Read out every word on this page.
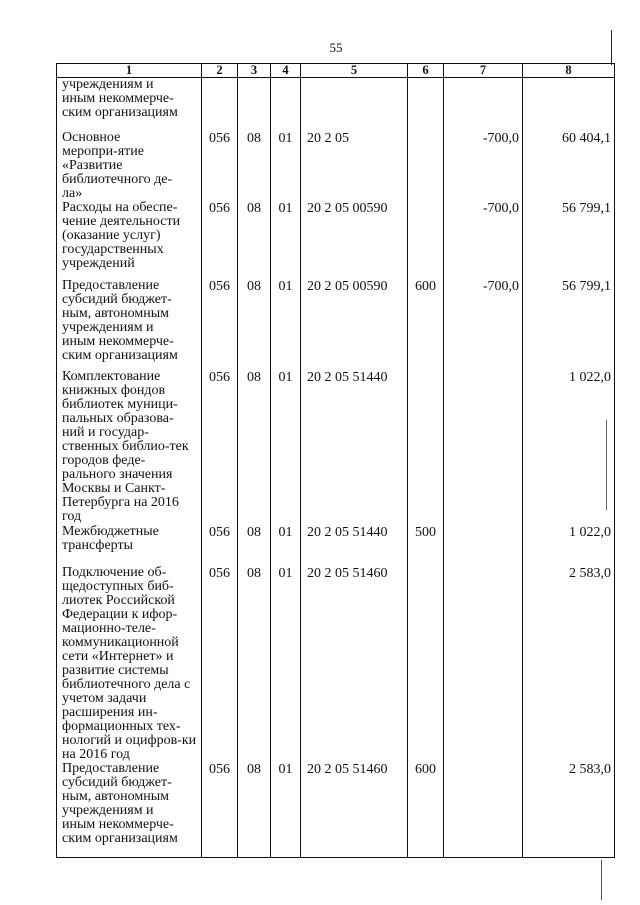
55
1	2	3	4	5	6	7	8

учреждениям и иным некоммерче-ским организациям							

Основное меропри-ятие «Развитие библиотечного де-ла»	056	08	01	20 2 05		-700,0	60 404,1

Расходы на обеспе-чение деятельности (оказание услуг) государственных учреждений	056	08	01	20 2 05 00590		-700,0	56 799,1

Предоставление субсидий бюджет-ным, автономным учреждениям и иным некоммерче-ским организациям	056	08	01	20 2 05 00590	600	-700,0	56 799,1

Комплектование книжных фондов библиотек муници-пальных образова-ний и государ-ственных библио-тек городов феде-рального значения Москвы и Санкт-Петербурга на 2016 год	056	08	01	20 2 05 51440			1 022,0

Межбюджетные трансферты	056	08	01	20 2 05 51440	500		1 022,0

Подключение об-щедоступных биб-лиотек Российской Федерации к ифор-мационно-теле-коммуникационной сети «Интернет» и развитие системы библиотечного дела с учетом задачи расширения ин-формационных тех-нологий и оцифров-ки на 2016 год	056	08	01	20 2 05 51460			2 583,0

Предоставление субсидий бюджет-ным, автономным учреждениям и иным некоммерче-ским организациям	056	08	01	20 2 05 51460	600		2 583,0
